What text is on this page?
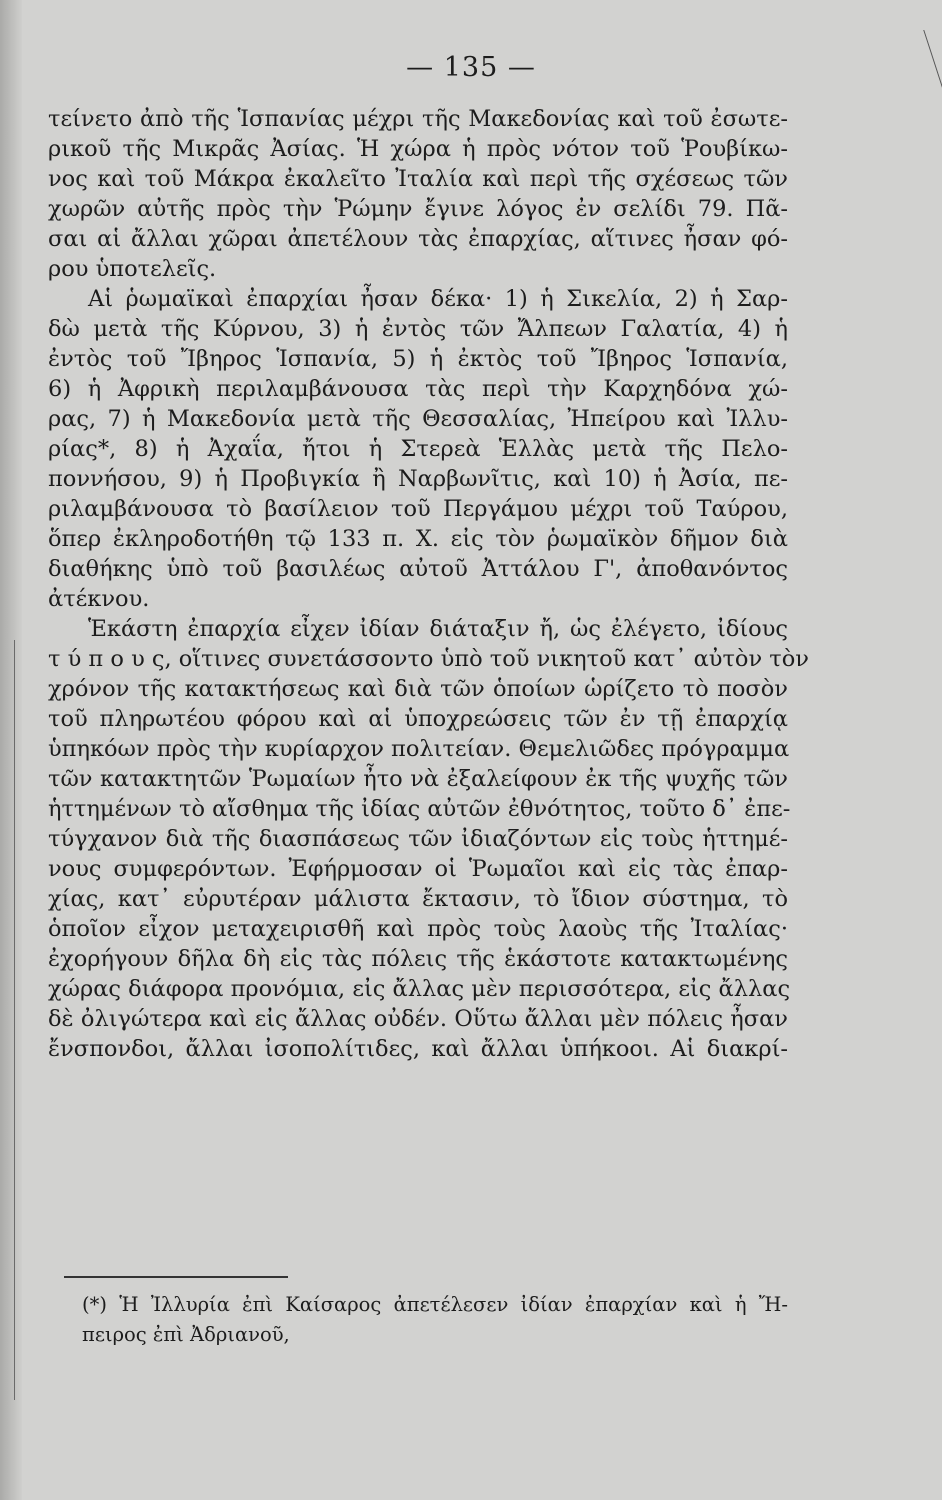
— 135 —
τείνετο ἀπὸ τῆς Ἱσπανίας μέχρι τῆς Μακεδονίας καὶ τοῦ ἐσωτε-
ρικοῦ τῆς Μικρᾶς Ἀσίας. Ἡ χώρα ἡ πρὸς νότον τοῦ Ῥουβίκω-
νος καὶ τοῦ Μάκρα ἐκαλεῖτο Ἰταλία καὶ περὶ τῆς σχέσεως τῶν
χωρῶν αὐτῆς πρὸς τὴν Ῥώμην ἔγινε λόγος ἐν σελίδι 79. Πᾶ-
σαι αἱ ἄλλαι χῶραι ἀπετέλουν τὰς ἐπαρχίας, αἵτινες ἦσαν φό-
ρου ὑποτελεῖς.
Αἱ ῥωμαϊκαὶ ἐπαρχίαι ἦσαν δέκα· 1) ἡ Σικελία, 2) ἡ Σαρ-
δὼ μετὰ τῆς Κύρνου, 3) ἡ ἐντὸς τῶν Ἄλπεων Γαλατία, 4) ἡ
ἐντὸς τοῦ Ἴβηρος Ἱσπανία, 5) ἡ ἐκτὸς τοῦ Ἴβηρος Ἱσπανία,
6) ἡ Ἀφρικὴ περιλαμβάνουσα τὰς περὶ τὴν Καρχηδόνα χώ-
ρας, 7) ἡ Μακεδονία μετὰ τῆς Θεσσαλίας, Ἠπείρου καὶ Ἰλλυ-
ρίας*, 8) ἡ Ἀχαΐα, ἤτοι ἡ Στερεὰ Ἑλλὰς μετὰ τῆς Πελο-
ποννήσου, 9) ἡ Προβιγκία ἢ Ναρβωνῖτις, καὶ 10) ἡ Ἀσία, πε-
ριλαμβάνουσα τὸ βασίλειον τοῦ Περγάμου μέχρι τοῦ Ταύρου,
ὅπερ ἐκληροδοτήθη τῷ 133 π. Χ. εἰς τὸν ῥωμαϊκὸν δῆμον διὰ
διαθήκης ὑπὸ τοῦ βασιλέως αὐτοῦ Ἀττάλου Γ', ἀποθανόντος
ἀτέκνου.
Ἑκάστη ἐπαρχία εἶχεν ἰδίαν διάταξιν ἤ, ὡς ἐλέγετο, ἰδίους
τ ύ π ο υ ς, οἵτινες συνετάσσοντο ὑπὸ τοῦ νικητοῦ κατ᾽ αὐτὸν τὸν
χρόνον τῆς κατακτήσεως καὶ διὰ τῶν ὁποίων ὡρίζετο τὸ ποσὸν
τοῦ πληρωτέου φόρου καὶ αἱ ὑποχρεώσεις τῶν ἐν τῇ ἐπαρχίᾳ
ὑπηκόων πρὸς τὴν κυρίαρχον πολιτείαν. Θεμελιῶδες πρόγραμμα
τῶν κατακτητῶν Ῥωμαίων ἦτο νὰ ἐξαλείφουν ἐκ τῆς ψυχῆς τῶν
ἡττημένων τὸ αἴσθημα τῆς ἰδίας αὐτῶν ἐθνότητος, τοῦτο δ᾽ ἐπε-
τύγχανον διὰ τῆς διασπάσεως τῶν ἰδιαζόντων εἰς τοὺς ἡττημέ-
νους συμφερόντων. Ἐφήρμοσαν οἱ Ῥωμαῖοι καὶ εἰς τὰς ἐπαρ-
χίας, κατ᾽ εὐρυτέραν μάλιστα ἔκτασιν, τὸ ἴδιον σύστημα, τὸ
ὁποῖον εἶχον μεταχειρισθῆ καὶ πρὸς τοὺς λαοὺς τῆς Ἰταλίας·
ἐχορήγουν δῆλα δὴ εἰς τὰς πόλεις τῆς ἑκάστοτε κατακτωμένης
χώρας διάφορα προνόμια, εἰς ἄλλας μὲν περισσότερα, εἰς ἄλλας
δὲ ὀλιγώτερα καὶ εἰς ἄλλας οὐδέν. Οὕτω ἄλλαι μὲν πόλεις ἦσαν
ἔνσπονδοι, ἄλλαι ἰσοπολίτιδες, καὶ ἄλλαι ὑπήκοοι. Αἱ διακρί-
(*) Ἡ Ἰλλυρία ἐπὶ Καίσαρος ἀπετέλεσεν ἰδίαν ἐπαρχίαν καὶ ἡ Ἤ-
πειρος ἐπὶ Ἀδριανοῦ,
